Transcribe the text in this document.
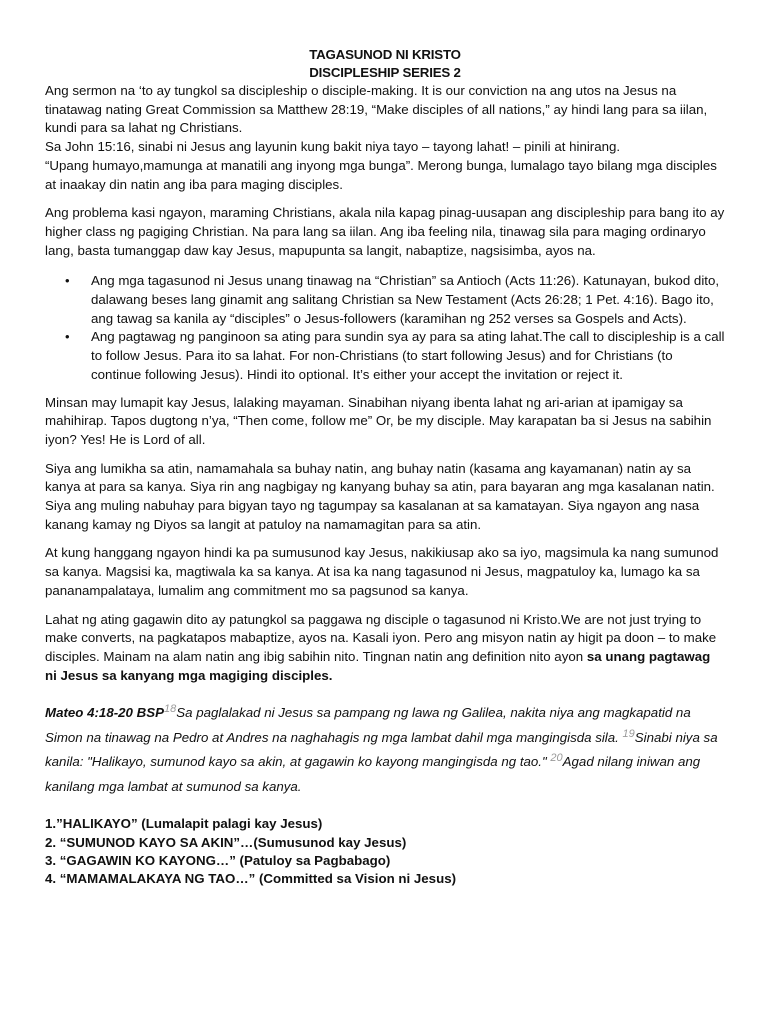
TAGASUNOD NI KRISTO
DISCIPLESHIP SERIES 2

Ang sermon na ‘to ay tungkol sa discipleship o disciple-making. It is our conviction na ang utos na Jesus na tinatawag nating Great Commission sa Matthew 28:19, “Make disciples of all nations,” ay hindi lang para sa iilan, kundi para sa lahat ng Christians.

Sa John 15:16, sinabi ni Jesus ang layunin kung bakit niya tayo – tayong lahat! – pinili at hinirang.

“Upang humayo,mamunga at manatili ang inyong mga bunga”. Merong bunga, lumalago tayo bilang mga disciples at inaakay din natin ang iba para maging disciples.

Ang problema kasi ngayon, maraming Christians, akala nila kapag pinag-uusapan ang discipleship para bang ito ay higher class ng pagiging Christian. Na para lang sa iilan. Ang iba feeling nila, tinawag sila para maging ordinaryo lang, basta tumanggap daw kay Jesus, mapupunta sa langit, nabaptize, nagsisimba, ayos na.

• Ang mga tagasunod ni Jesus unang tinawag na “Christian” sa Antioch (Acts 11:26). Katunayan, bukod dito, dalawang beses lang ginamit ang salitang Christian sa New Testament (Acts 26:28; 1 Pet. 4:16). Bago ito, ang tawag sa kanila ay “disciples” o Jesus-followers (karamihan ng 252 verses sa Gospels and Acts).
• Ang pagtawag ng panginoon sa ating para sundin sya ay para sa ating lahat.The call to discipleship is a call to follow Jesus. Para ito sa lahat. For non-Christians (to start following Jesus) and for Christians (to continue following Jesus). Hindi ito optional. It’s either your accept the invitation or reject it.

Minsan may lumapit kay Jesus, lalaking mayaman. Sinabihan niyang ibenta lahat ng ari-arian at ipamigay sa mahihirap. Tapos dugtong n’ya, “Then come, follow me” Or, be my disciple. May karapatan ba si Jesus na sabihin iyon? Yes! He is Lord of all.

Siya ang lumikha sa atin, namamahala sa buhay natin, ang buhay natin (kasama ang kayamanan) natin ay sa kanya at para sa kanya. Siya rin ang nagbigay ng kanyang buhay sa atin, para bayaran ang mga kasalanan natin. Siya ang muling nabuhay para bigyan tayo ng tagumpay sa kasalanan at sa kamatayan. Siya ngayon ang nasa kanang kamay ng Diyos sa langit at patuloy na namamagitan para sa atin.

At kung hanggang ngayon hindi ka pa sumusunod kay Jesus, nakikiusap ako sa iyo, magsimula ka nang sumunod sa kanya. Magsisi ka, magtiwala ka sa kanya. At isa ka nang tagasunod ni Jesus, magpatuloy ka, lumago ka sa pananampalataya, lumalim ang commitment mo sa pagsunod sa kanya.

Lahat ng ating gagawin dito ay patungkol sa paggawa ng disciple o tagasunod ni Kristo.We are not just trying to make converts, na pagkatapos mabaptize, ayos na. Kasali iyon. Pero ang misyon natin ay higit pa doon – to make disciples. Mainam na alam natin ang ibig sabihin nito. Tingnan natin ang definition nito ayon sa unang pagtawag ni Jesus sa kanyang mga magiging disciples.

Mateo 4:18-20 BSP$^{18}$Sa paglalakad ni Jesus sa pampang ng lawa ng Galilea, nakita niya ang magkapatid na Simon na tinawag na Pedro at Andres na naghahagis ng mga lambat dahil mga mangingisda sila. $^{19}$Sinabi niya sa kanila: "Halikayo, sumunod kayo sa akin, at gagawin ko kayong mangingisda ng tao." $^{20}$Agad nilang iniwan ang kanilang mga lambat at sumunod sa kanya.

1.”HALIKAYO” (Lumalapit palagi kay Jesus)
2. “SUMUNOD KAYO SA AKIN”…(Sumusunod kay Jesus)
3. “GAGAWIN KO KAYONG…” (Patuloy sa Pagbabago)
4. “MAMAMALAKAYA NG TAO…” (Committed sa Vision ni Jesus)
